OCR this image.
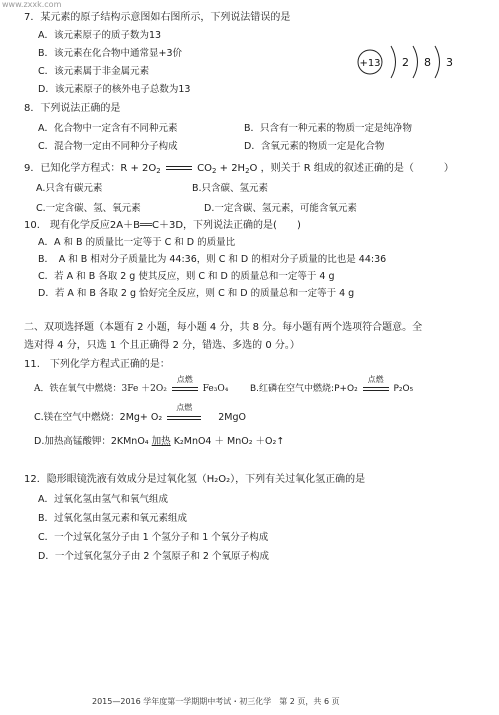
www.zxxk.com
7．某元素的原子结构示意图如右图所示，下列说法错误的是
A．该元素原子的质子数为13
B．该元素在化合物中通常显+3价
C．该元素属于非金属元素
D．该元素原子的核外电子总数为13
+13 2 8 3
8．下列说法正确的是
A．化合物中一定含有不同种元素	B．只含有一种元素的物质一定是纯净物
C．混合物一定由不同种分子构成	D．含氧元素的物质一定是化合物
9．已知化学方程式：$R + 2O_2$	$CO_2 + 2H_2O$ ，则关于 R 组成的叙述正确的是（　　　）
A.只含有碳元素	B.只含碳、氢元素
C.一定含碳、氢、氧元素	D.一定含碳、氢元素，可能含氧元素
10.　现有化学反应2A＋B══C＋3D，下列说法正确的是(　　)
A．A 和 B 的质量比一定等于 C 和 D 的质量比
B．　A 和 B 相对分子质量比为 44:36，则 C 和 D 的相对分子质量的比也是 44:36
C．若 A 和 B 各取 2 g 使其反应，则 C 和 D 的质量总和一定等于 4 g
D．若 A 和 B 各取 2 g 恰好完全反应，则 C 和 D 的质量总和一定等于 4 g
二、双项选择题（本题有 2 小题，每小题 4 分，共 8 分。每小题有两个选项符合题意。全
选对得 4 分，只选 1 个且正确得 2 分，错选、多选的 0 分。）
11.　下列化学方程式正确的是：
A．铁在氧气中燃烧：3Fe ＋2O₂
点燃
Fe₃O₄ B.红磷在空气中燃烧:P+O₂
点燃
P₂O₅
C.镁在空气中燃烧：2Mg+ O₂
点燃
2MgO
D.加热高锰酸钾：2KMnO₄ 加热 K₂MnO4 ＋ MnO₂ ＋O₂↑
12．隐形眼镜洗液有效成分是过氧化氢（H₂O₂），下列有关过氧化氢正确的是
A．过氧化氢由氢气和氧气组成
B．过氧化氢由氢元素和氧元素组成
C．一个过氧化氢分子由 1 个氢分子和 1 个氧分子构成
D．一个过氧化氢分子由 2 个氢原子和 2 个氧原子构成
2015—2016 学年度第一学期期中考试・初三化学　第 2 页，共 6 页
